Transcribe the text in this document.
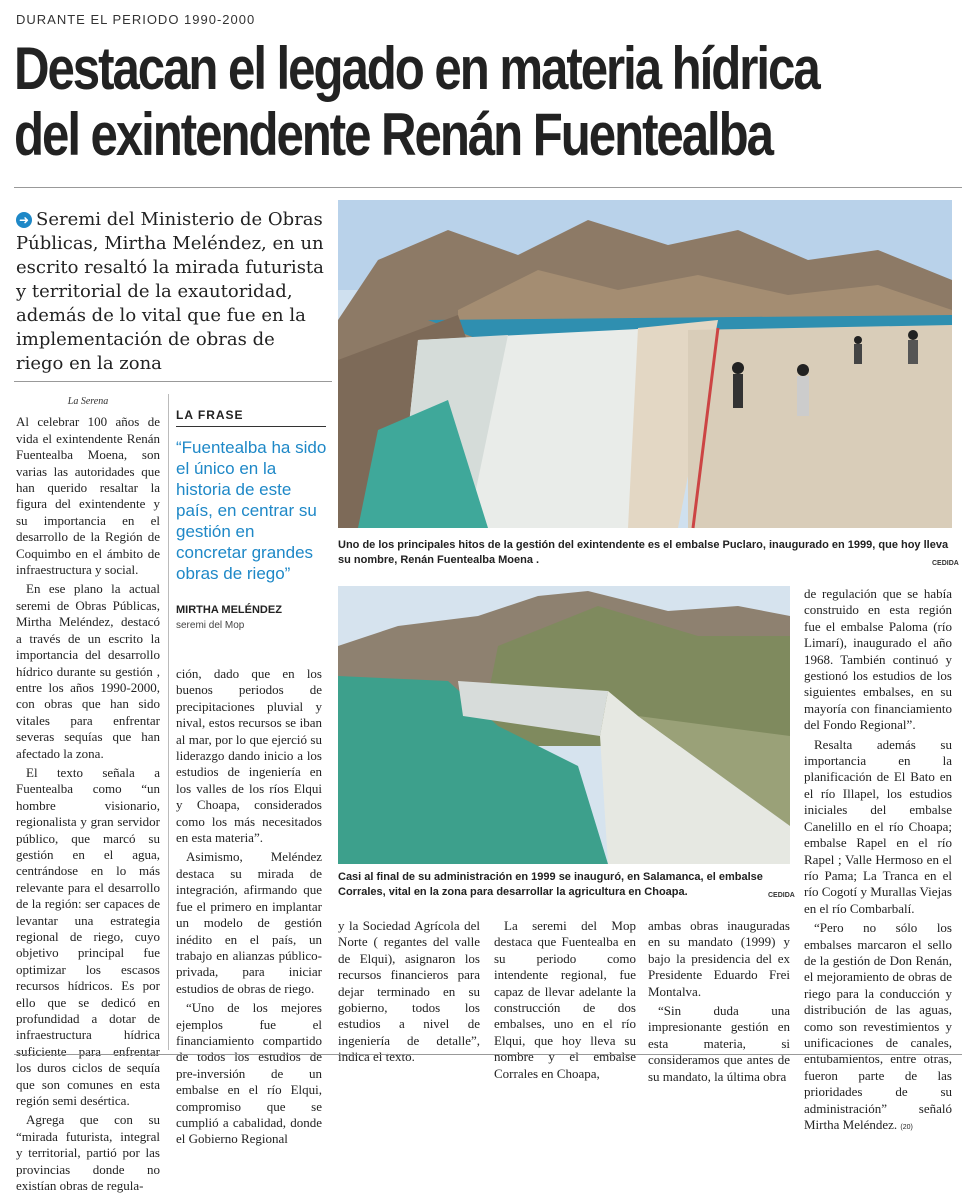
DURANTE EL PERIODO 1990-2000
Destacan el legado en materia hídrica
del exintendente Renán Fuentealba
➜ Seremi del Ministerio de Obras Públicas, Mirtha Meléndez, en un escrito resaltó la mirada futurista y territorial de la exautoridad, además de lo vital que fue en la implementación de obras de riego en la zona
La Serena

Al celebrar 100 años de vida el exintendente Renán Fuentealba Moena, son varias las autoridades que han querido resaltar la figura del exintendente y su importancia en el desarrollo de la Región de Coquimbo en el ámbito de infraestructura y social.

En ese plano la actual seremi de Obras Públicas, Mirtha Meléndez, destacó a través de un escrito la importancia del desarrollo hídrico durante su gestión , entre los años 1990-2000, con obras que han sido vitales para enfrentar severas sequías que han afectado la zona.

El texto señala a Fuentealba como “un hombre visionario, regionalista y gran servidor público, que marcó su gestión en el agua, centrándose en lo más relevante para el desarrollo de la región: ser capaces de levantar una estrategia regional de riego, cuyo objetivo principal fue optimizar los escasos recursos hídricos. Es por ello que se dedicó en profundidad a dotar de infraestructura hídrica suficiente para enfrentar los duros ciclos de sequía que son comunes en esta región semi desértica.

Agrega que con su “mirada futurista, integral y territorial, partió por las provincias donde no existían obras de regula-

LA FRASE
“Fuentealba ha sido el único en la historia de este país, en centrar su gestión en concretar grandes obras de riego”
MIRTHA MELÉNDEZ
seremi del Mop

ción, dado que en los buenos periodos de precipitaciones pluvial y nival, estos recursos se iban al mar, por lo que ejerció su liderazgo dando inicio a los estudios de ingeniería en los valles de los ríos Elqui y Choapa, considerados como los más necesitados en esta materia”.

Asimismo, Meléndez destaca su mirada de integración, afirmando que fue el primero en implantar un modelo de gestión inédito en el país, un trabajo en alianzas público-privada, para iniciar estudios de obras de riego.

“Uno de los mejores ejemplos fue el financiamiento compartido de todos los estudios de pre-inversión de un embalse en el río Elqui, compromiso que se cumplió a cabalidad, donde el Gobierno Regional

Uno de los principales hitos de la gestión del exintendente es el embalse Puclaro, inaugurado en 1999, que hoy lleva su nombre, Renán Fuentealba Moena .	CEDIDA
Casi al final de su administración en 1999 se inauguró, en Salamanca, el embalse Corrales, vital en la zona para desarrollar la agricultura en Choapa.	CEDIDA

y la Sociedad Agrícola del Norte ( regantes del valle de Elqui), asignaron los recursos financieros para dejar terminado en su gobierno, todos los estudios a nivel de ingeniería de detalle”, indica el texto.

La seremi del Mop destaca que Fuentealba en su periodo como intendente regional, fue capaz de llevar adelante la construcción de dos embalses, uno en el río Elqui, que hoy lleva su nombre y el embalse Corrales en Choapa,

ambas obras inauguradas en su mandato (1999) y bajo la presidencia del ex Presidente Eduardo Frei Montalva.

“Sin duda una impresionante gestión en esta materia, si consideramos que antes de su mandato, la última obra

de regulación que se había construido en esta región fue el embalse Paloma (río Limarí), inaugurado el año 1968. También continuó y gestionó los estudios de los siguientes embalses, en su mayoría con financiamiento del Fondo Regional”.

Resalta además su importancia en la planificación de El Bato en el río Illapel, los estudios iniciales del embalse Canelillo en el río Choapa; embalse Rapel en el río Rapel ; Valle Hermoso en el río Pama; La Tranca en el río Cogotí y Murallas Viejas en el río Combarbalí.

“Pero no sólo los embalses marcaron el sello de la gestión de Don Renán, el mejoramiento de obras de riego para la conducción y distribución de las aguas, como son revestimientos y unificaciones de canales, entubamientos, entre otras, fueron parte de las prioridades de su administración” señaló Mirtha Meléndez. (20)
